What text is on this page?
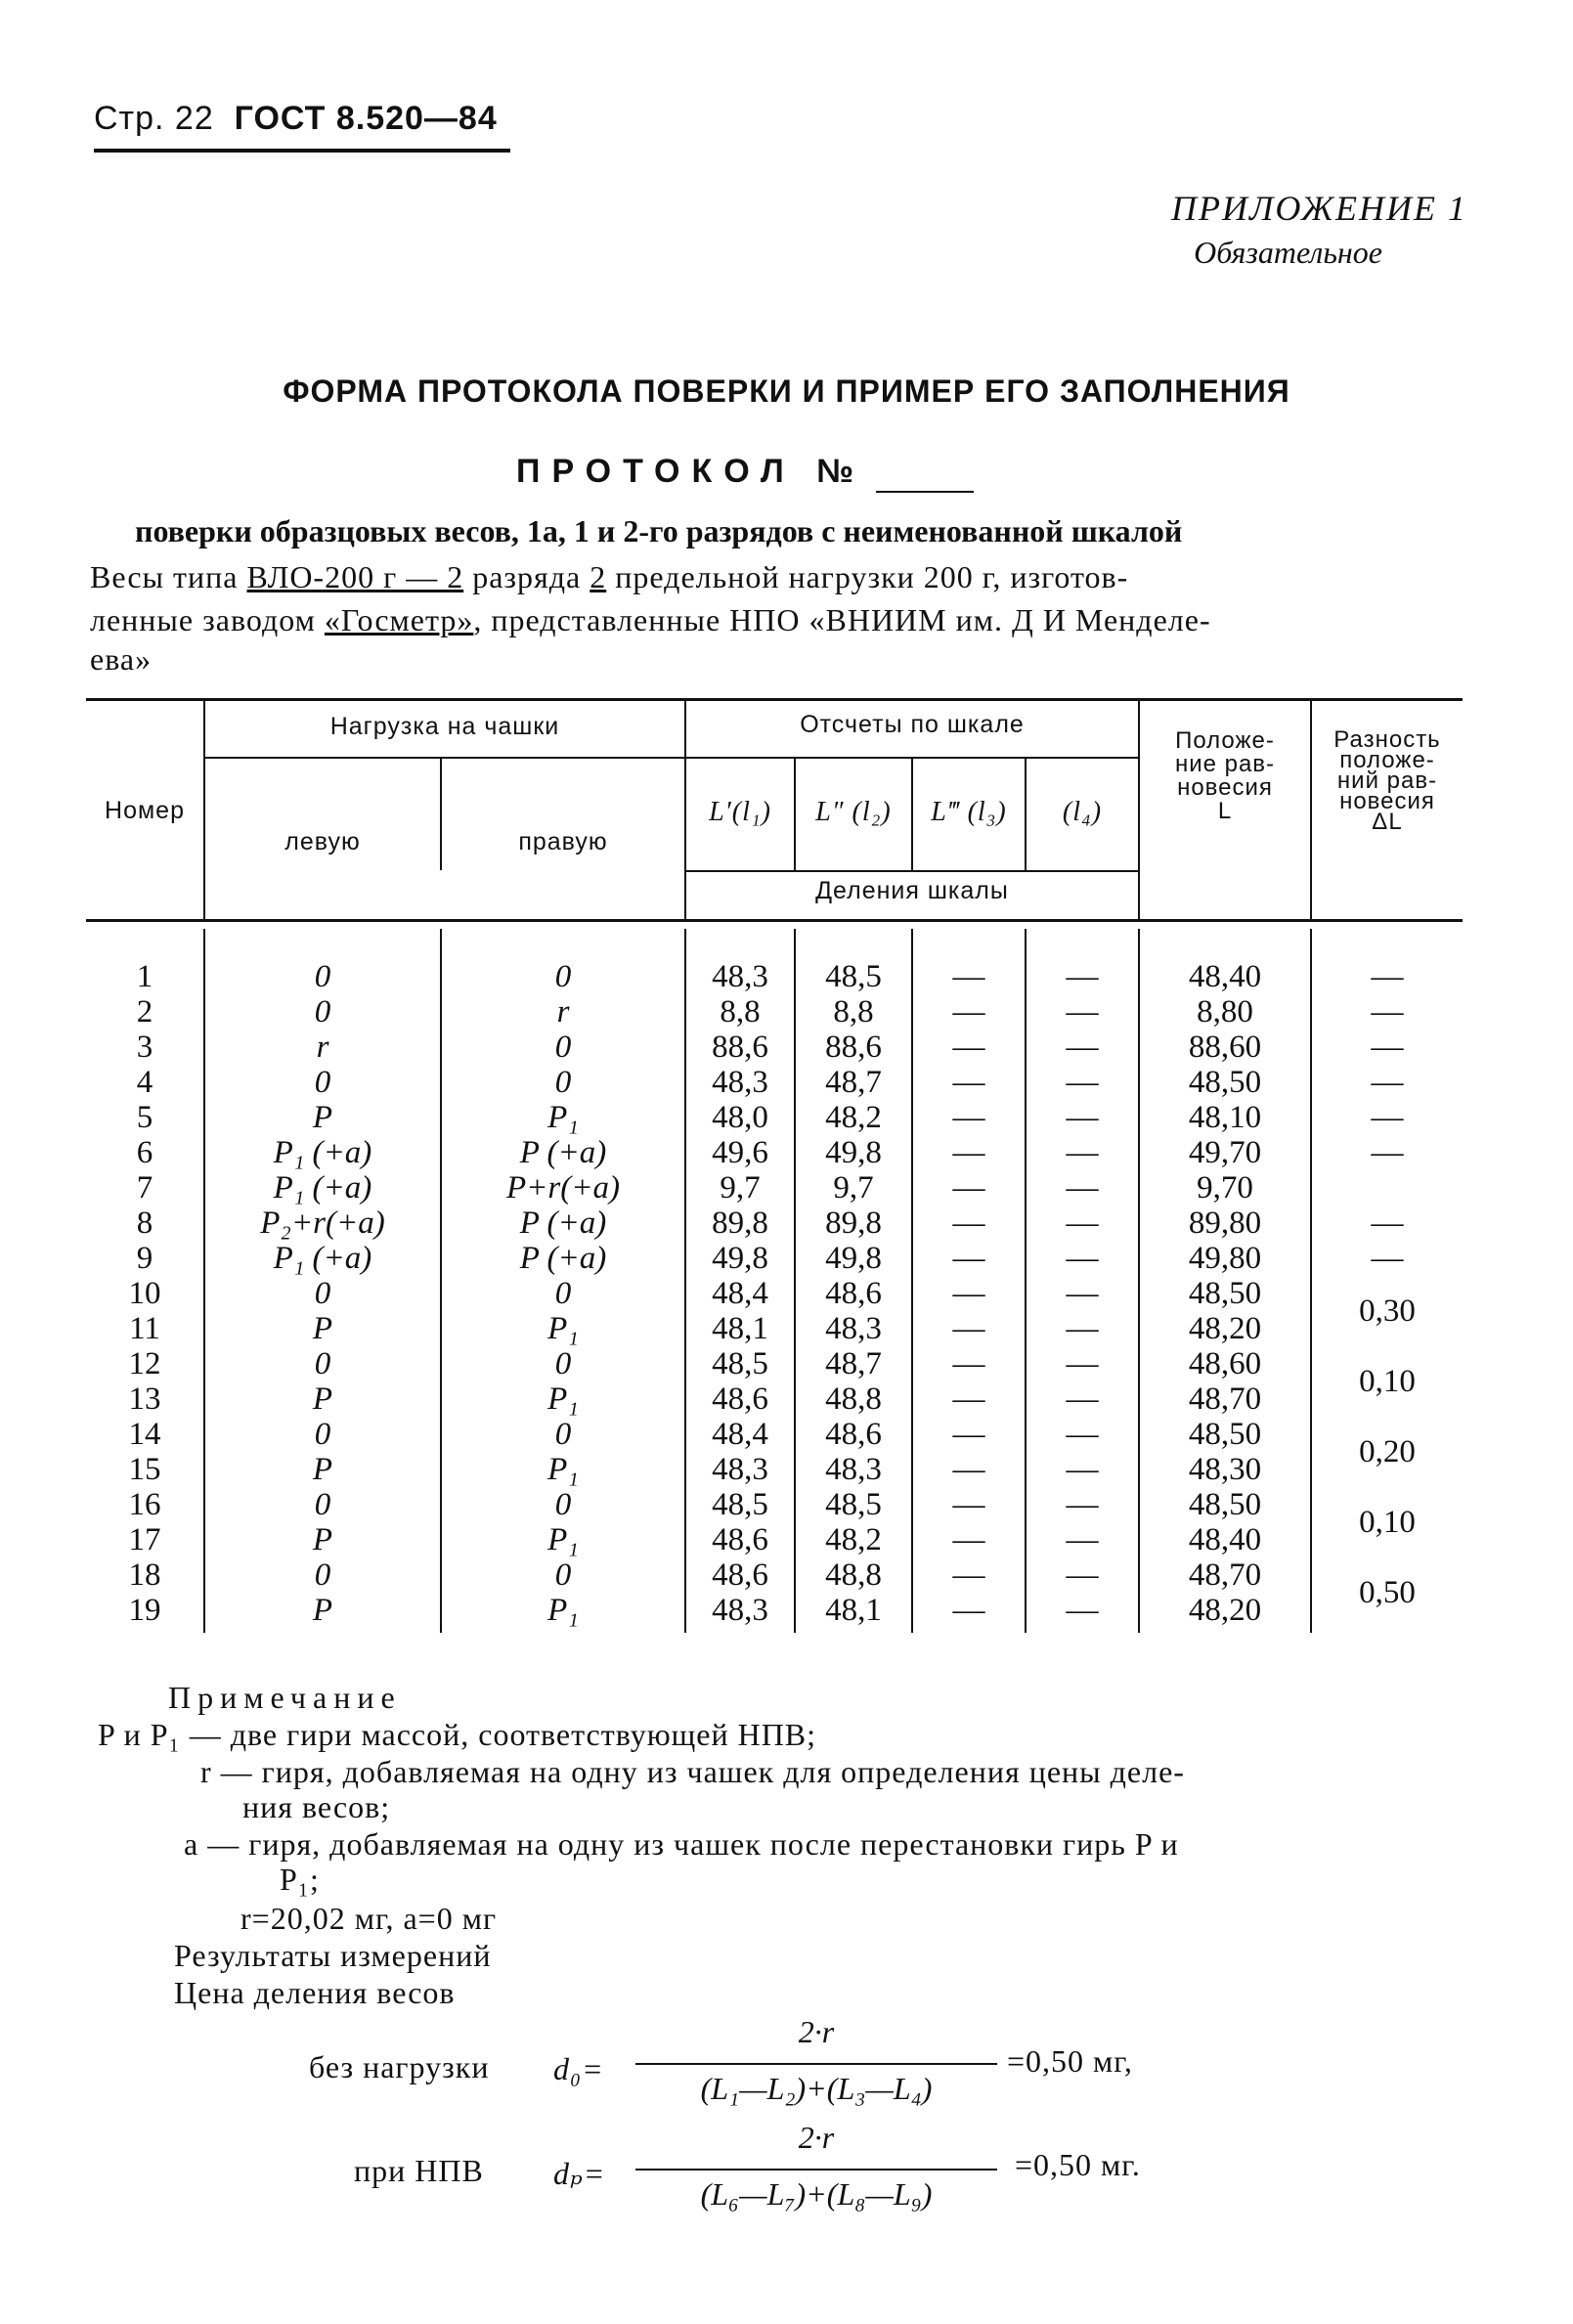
Стр. 22 ГОСТ 8.520—84
ПРИЛОЖЕНИЕ 1
Обязательное
ФОРМА ПРОТОКОЛА ПОВЕРКИ И ПРИМЕР ЕГО ЗАПОЛНЕНИЯ
ПРОТОКОЛ №
поверки образцовых весов, 1а, 1 и 2-го разрядов с неименованной шкалой
Весы типа ВЛО-200 г — 2 разряда 2 предельной нагрузки 200 г, изготов-
ленные заводом «Госметр», представленные НПО «ВНИИМ им. Д И Менделе-
ева»
Номер
Нагрузка на чашки
левую	правую
Отсчеты по шкале
L′(l₁)	L″ (l₂)	L‴ (l₃)	(l₄)
Положе-
ние рав-
новесия
L
Разность
положе-
ний рав-
новесия
ΔL
Деления шкалы
1	0	0	48,3	48,5	—	—	48,40	—
2	0	r	8,8	8,8	—	—	8,80	—
3	r	0	88,6	88,6	—	—	88,60	—
4	0	0	48,3	48,7	—	—	48,50	—
5	P	P₁	48,0	48,2	—	—	48,10	—
6	P₁ (+a)	P (+a)	49,6	49,8	—	—	49,70	—
7	P₁ (+a)	P+r(+a)	9,7	9,7	—	—	9,70
8	P₂+r(+a)	P (+a)	89,8	89,8	—	—	89,80	—
9	P₁ (+a)	P (+a)	49,8	49,8	—	—	49,80	—
10	0	0	48,4	48,6	—	—	48,50	0,30
11	P	P₁	48,1	48,3	—	—	48,20
12	0	0	48,5	48,7	—	—	48,60	0,10
13	P	P₁	48,6	48,8	—	—	48,70
14	0	0	48,4	48,6	—	—	48,50	0,20
15	P	P₁	48,3	48,3	—	—	48,30
16	0	0	48,5	48,5	—	—	48,50	0,10
17	P	P₁	48,6	48,2	—	—	48,40
18	0	0	48,6	48,8	—	—	48,70	0,50
19	P	P₁	48,3	48,1	—	—	48,20
Примечание
P и P₁ — две гири массой, соответствующей НПВ;
r — гиря, добавляемая на одну из чашек для определения цены деле-
ния весов;
a — гиря, добавляемая на одну из чашек после перестановки гирь P и
P₁;
r=20,02 мг, a=0 мг
Результаты измерений
Цена деления весов
без нагрузки d₀=
2·r
(L₁—L₂)+(L₃—L₄)
=0,50 мг,
при НПВ dₚ=
2·r
(L₆—L₇)+(L₈—L₉)
=0,50 мг.
